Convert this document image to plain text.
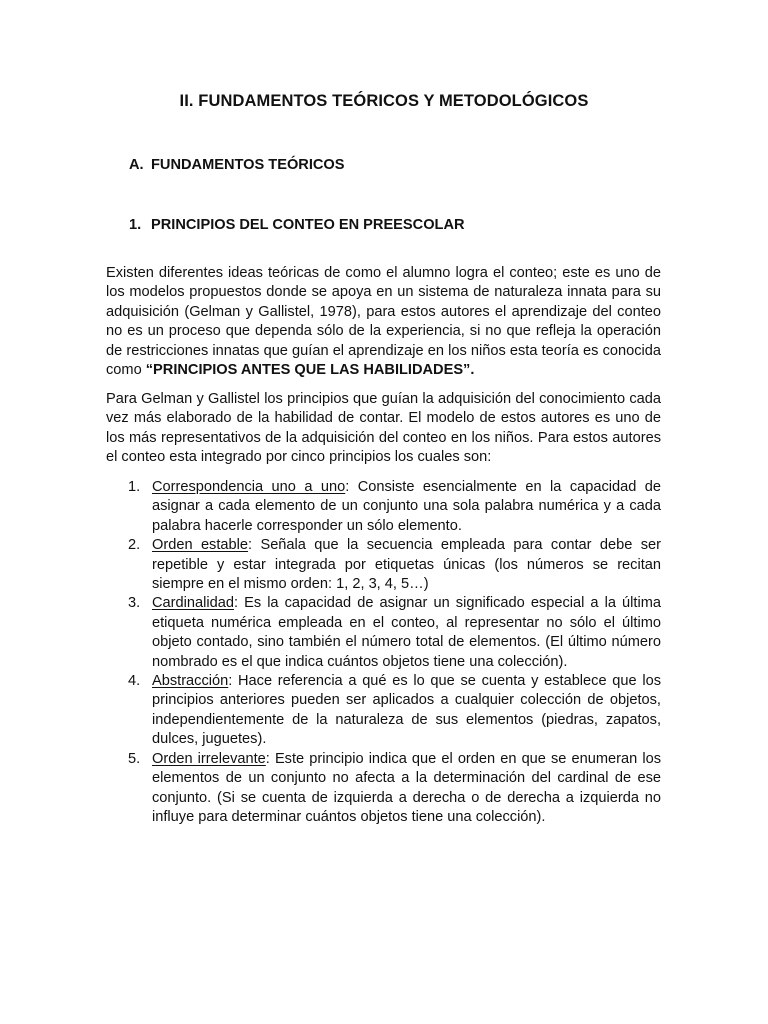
II. FUNDAMENTOS TEÓRICOS Y METODOLÓGICOS
A. FUNDAMENTOS TEÓRICOS
1. PRINCIPIOS DEL CONTEO EN PREESCOLAR

Existen diferentes ideas teóricas de como el alumno logra el conteo; este es uno de los modelos propuestos donde se apoya en un sistema de naturaleza innata para su adquisición (Gelman y Gallistel, 1978), para estos autores el aprendizaje del conteo no es un proceso que dependa sólo de la experiencia, si no que refleja la operación de restricciones innatas que guían el aprendizaje en los niños esta teoría es conocida como “PRINCIPIOS ANTES QUE LAS HABILIDADES”.

Para Gelman y Gallistel los principios que guían la adquisición del conocimiento cada vez más elaborado de la habilidad de contar. El modelo de estos autores es uno de los más representativos de la adquisición del conteo en los niños. Para estos autores el conteo esta integrado por cinco principios los cuales son:

1. Correspondencia uno a uno: Consiste esencialmente en la capacidad de asignar a cada elemento de un conjunto una sola palabra numérica y a cada palabra hacerle corresponder un sólo elemento.
2. Orden estable: Señala que la secuencia empleada para contar debe ser repetible y estar integrada por etiquetas únicas (los números se recitan siempre en el mismo orden: 1, 2, 3, 4, 5…)
3. Cardinalidad: Es la capacidad de asignar un significado especial a la última etiqueta numérica empleada en el conteo, al representar no sólo el último objeto contado, sino también el número total de elementos. (El último número nombrado es el que indica cuántos objetos tiene una colección).
4. Abstracción: Hace referencia a qué es lo que se cuenta y establece que los principios anteriores pueden ser aplicados a cualquier colección de objetos, independientemente de la naturaleza de sus elementos (piedras, zapatos, dulces, juguetes).
5. Orden irrelevante: Este principio indica que el orden en que se enumeran los elementos de un conjunto no afecta a la determinación del cardinal de ese conjunto. (Si se cuenta de izquierda a derecha o de derecha a izquierda no influye para determinar cuántos objetos tiene una colección).
